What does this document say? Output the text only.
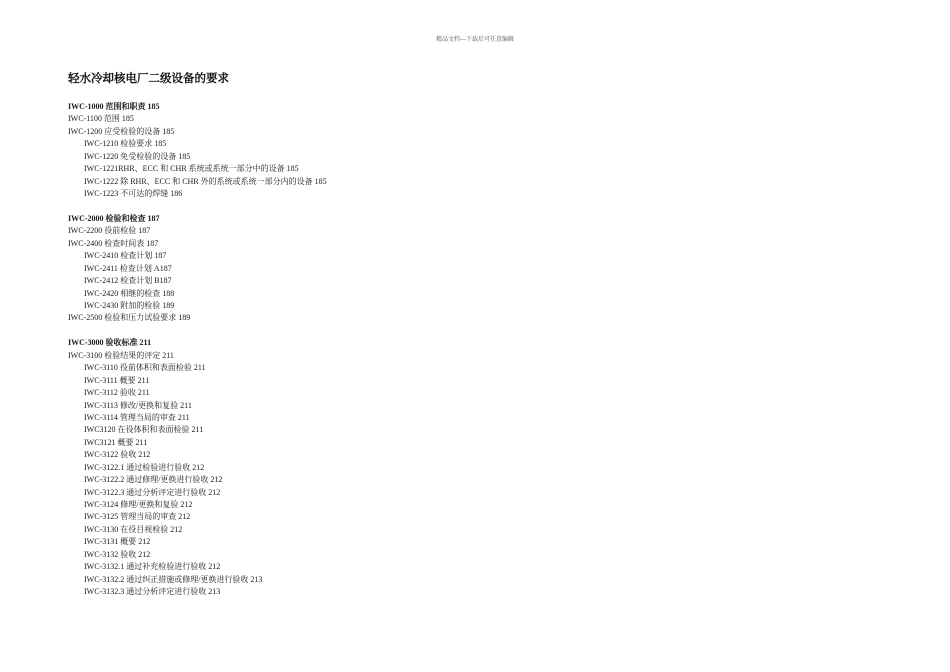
精品文档---下载后可任意编辑
轻水冷却核电厂二级设备的要求
IWC-1000 范围和职责 185
IWC-1100 范围 185
IWC-1200 应受检验的设备 185
IWC-1210 检验要求 185
IWC-1220 免受检验的设备 185
IWC-1221RHR、ECC 和 CHR 系统或系统一部分中的设备 185
IWC-1222 除 RHR、ECC 和 CHR 外的系统或系统一部分内的设备 185
IWC-1223 不可达的焊缝 186
IWC-2000 检验和检查 187
IWC-2200 役前检验 187
IWC-2400 检查时间表 187
IWC-2410 检查计划 187
IWC-2411 检查计划 A187
IWC-2412 检查计划 B187
IWC-2420 相继的检查 188
IWC-2430 附加的检验 189
IWC-2500 检验和压力试验要求 189
IWC-3000 验收标准 211
IWC-3100 检验结果的评定 211
IWC-3110 役前体积和表面检验 211
IWC-3111 概要 211
IWC-3112 验收 211
IWC-3113 修改/更换和复验 211
IWC-3114 管理当局的审查 211
IWC3120 在役体积和表面检验 211
IWC3121 概要 211
IWC-3122 验收 212
IWC-3122.1 通过检验进行验收 212
IWC-3122.2 通过修理/更换进行验收 212
IWC-3122.3 通过分析评定进行验收 212
IWC-3124 修理/更换和复验 212
IWC-3125 管理当局的审查 212
IWC-3130 在役目视检验 212
IWC-3131 概要 212
IWC-3132 验收 212
IWC-3132.1 通过补充检验进行验收 212
IWC-3132.2 通过纠正措施或修理/更换进行验收 213
IWC-3132.3 通过分析评定进行验收 213
